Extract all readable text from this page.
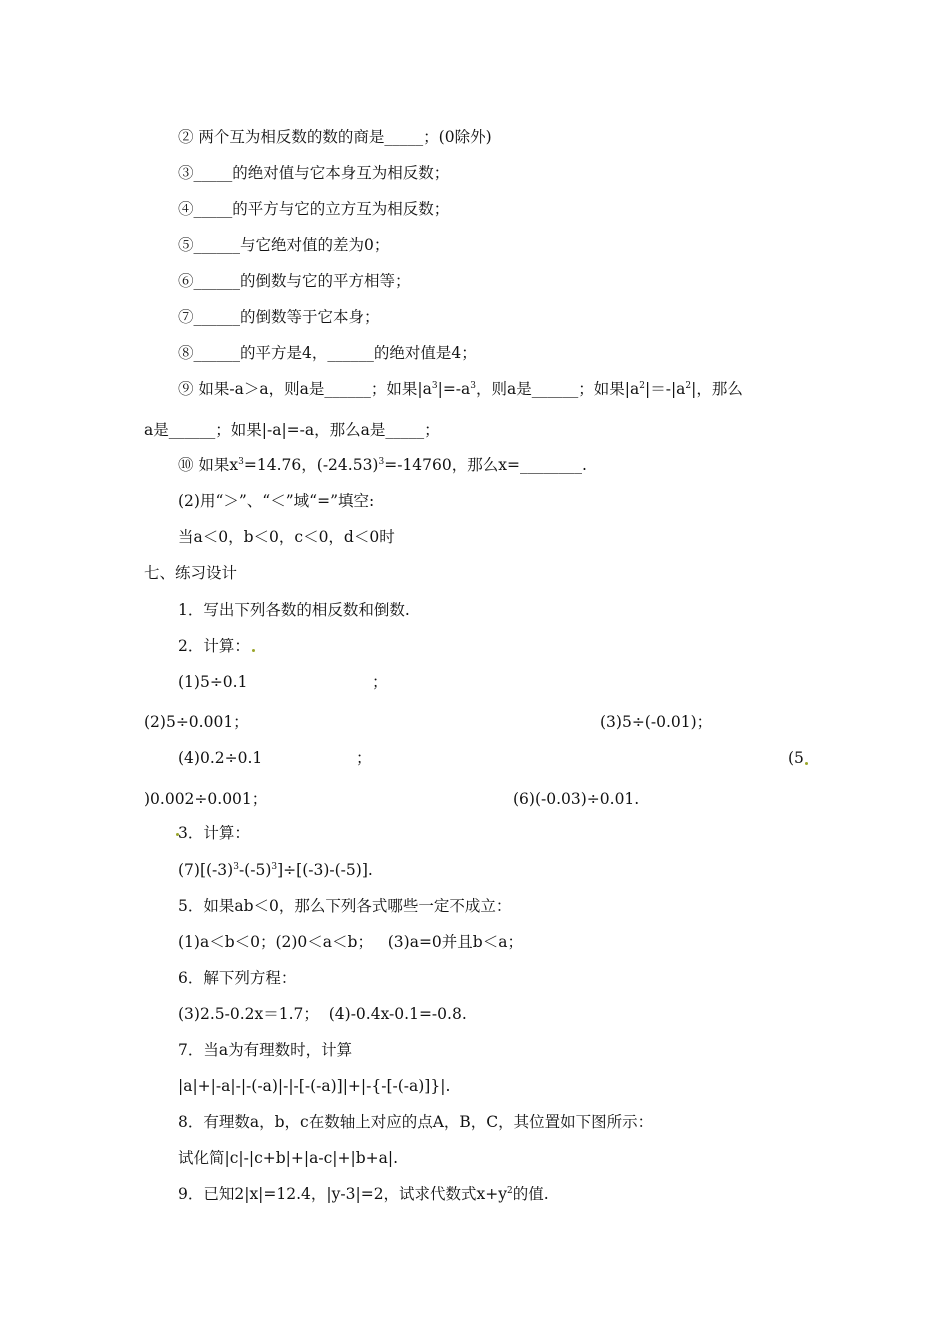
② 两个互为相反数的数的商是_____；(0除外)
③_____的绝对值与它本身互为相反数；
④_____的平方与它的立方互为相反数；
⑤______与它绝对值的差为0；
⑥______的倒数与它的平方相等；
⑦______的倒数等于它本身；
⑧______的平方是4，______的绝对值是4；
⑨ 如果-a＞a，则a是______；如果$|a^3|=-a^3$，则a是______；如果$|a^2|=-|a^2|$，那么
a是______；如果|-a|=-a，那么a是_____；
⑩ 如果$x^3=14.76$，$(-24.53)^3=-14760$，那么x=________.
(2)用“＞”、“＜”域“=”填空:
当a＜0，b＜0，c＜0，d＜0时
七、练习设计
1．写出下列各数的相反数和倒数.
2．计算：
(1)5÷0.1	；
(2)5÷0.001；	(3)5÷(-0.01)；
(4)0.2÷0.1	；	(5
)0.002÷0.001；	(6)(-0.03)÷0.01.
3．计算：
$(7)[(-3)^3-(-5)^3]\div[(-3)-(-5)]$.
5．如果ab＜0，那么下列各式哪些一定不成立：
(1)a＜b＜0；(2)0＜a＜b；   (3)a=0并且b＜a；
6．解下列方程：
(3)2.5-0.2x＝1.7；  (4)-0.4x-0.1=-0.8.
7．当a为有理数时，计算
|a|+|-a|-|-(-a)|-|-[-(-a)]|+|-{-[-(-a)]}|.
8．有理数a，b，c在数轴上对应的点A，B，C，其位置如下图所示：
试化简|c|-|c+b|+|a-c|+|b+a|.
9．已知2|x|=12.4，|y-3|=2，试求代数式$x+y^2$的值.
